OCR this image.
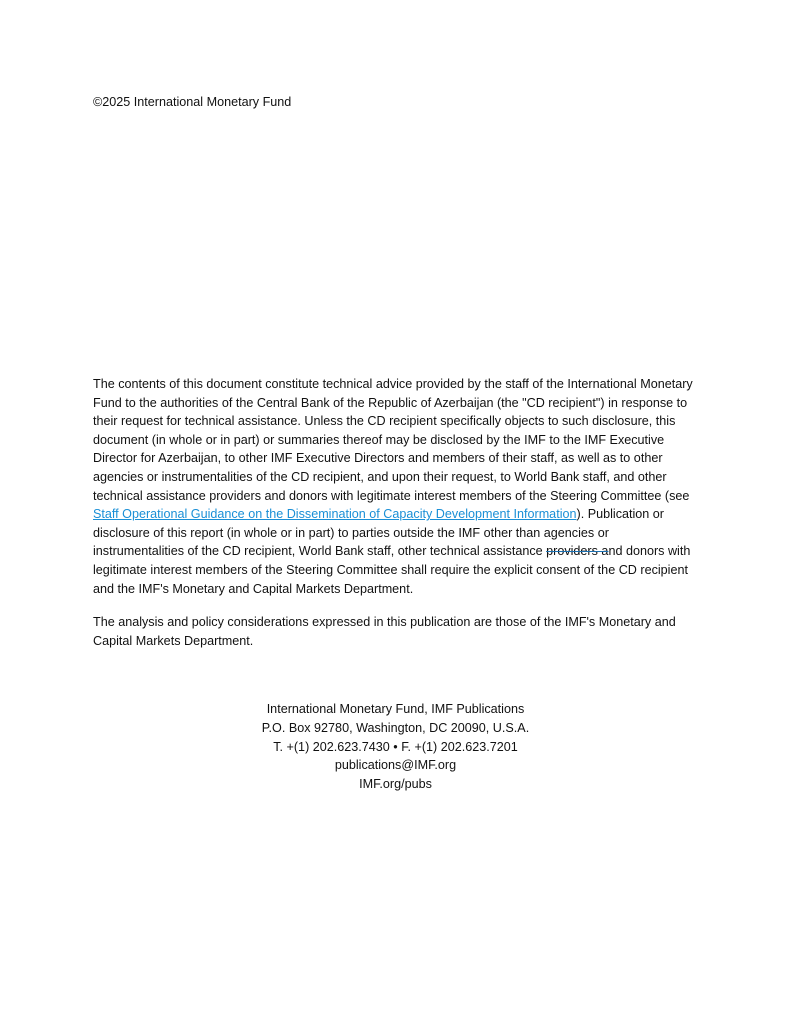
©2025 International Monetary Fund

The contents of this document constitute technical advice provided by the staff of the International Monetary Fund to the authorities of the Central Bank of the Republic of Azerbaijan (the "CD recipient") in response to their request for technical assistance. Unless the CD recipient specifically objects to such disclosure, this document (in whole or in part) or summaries thereof may be disclosed by the IMF to the IMF Executive Director for Azerbaijan, to other IMF Executive Directors and members of their staff, as well as to other agencies or instrumentalities of the CD recipient, and upon their request, to World Bank staff, and other technical assistance providers and donors with legitimate interest members of the Steering Committee (see Staff Operational Guidance on the Dissemination of Capacity Development Information). Publication or disclosure of this report (in whole or in part) to parties outside the IMF other than agencies or instrumentalities of the CD recipient, World Bank staff, other technical assistance providers and donors with legitimate interest members of the Steering Committee shall require the explicit consent of the CD recipient and the IMF's Monetary and Capital Markets Department.

The analysis and policy considerations expressed in this publication are those of the IMF's Monetary and Capital Markets Department.

International Monetary Fund, IMF Publications
P.O. Box 92780, Washington, DC 20090, U.S.A.
T. +(1) 202.623.7430 • F. +(1) 202.623.7201
publications@IMF.org
IMF.org/pubs
